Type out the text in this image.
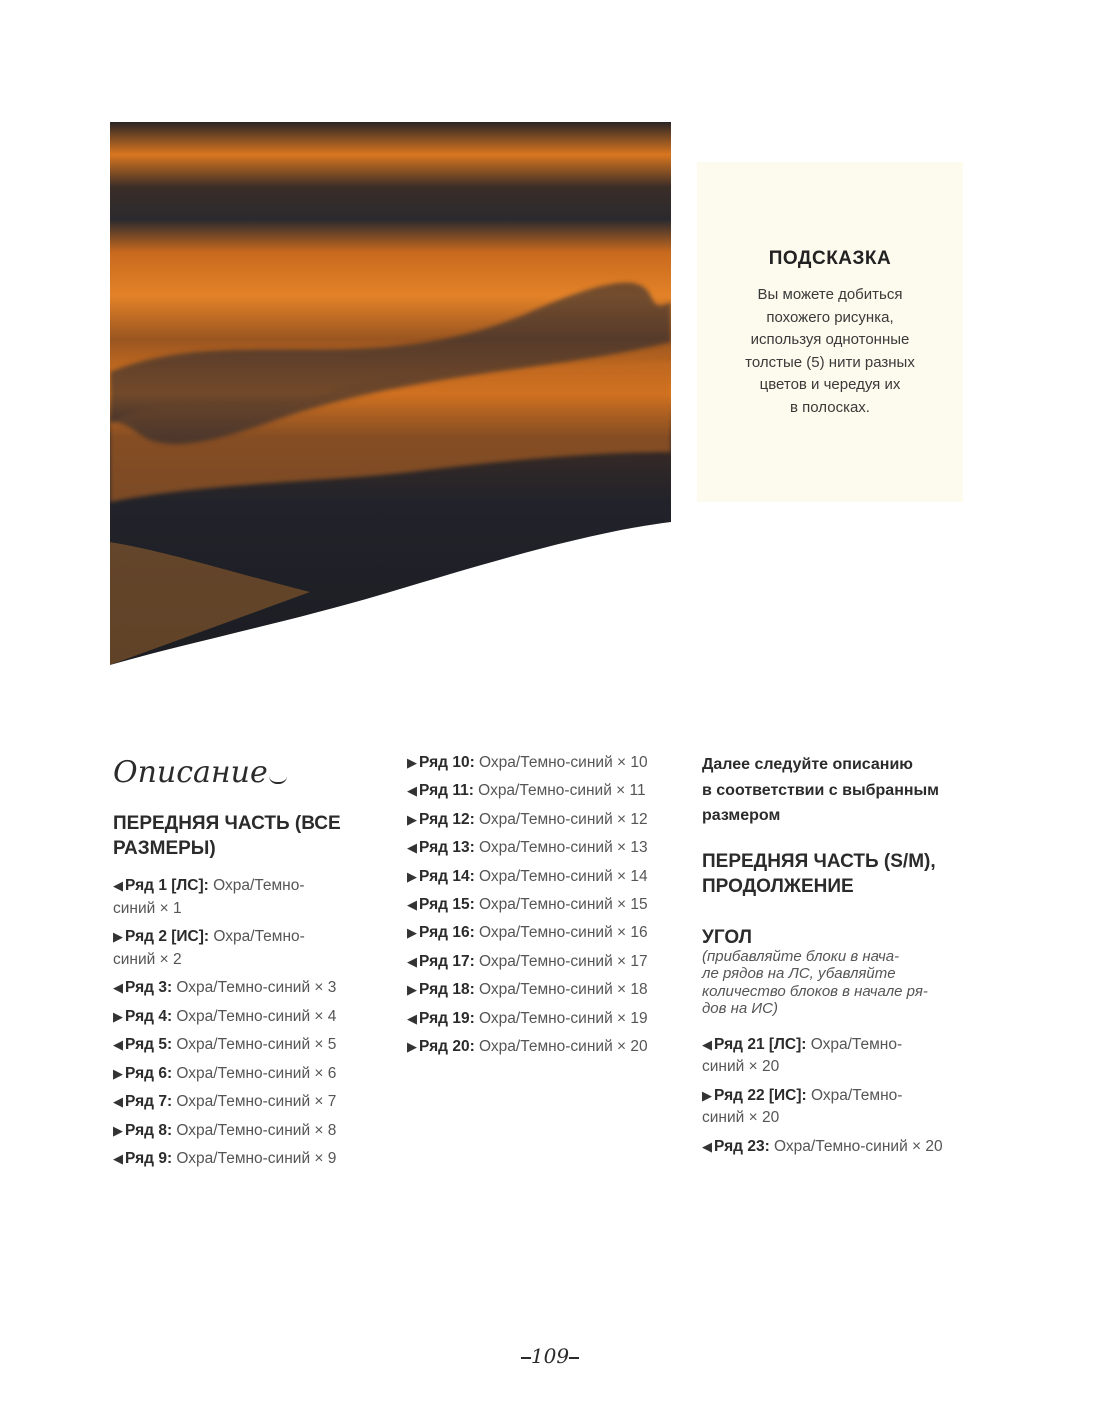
ПОДСКАЗКА
Вы можете добиться
похожего рисунка,
используя однотонные
толстые (5) нити разных
цветов и чередуя их
в полосках.
Описание
ПЕРЕДНЯЯ ЧАСТЬ (ВСЕ
РАЗМЕРЫ)
◀ Ряд 1 [ЛС]: Охра/Темно-
синий × 1
▶ Ряд 2 [ИС]: Охра/Темно-
синий × 2
◀ Ряд 3: Охра/Темно-синий × 3
▶ Ряд 4: Охра/Темно-синий × 4
◀ Ряд 5: Охра/Темно-синий × 5
▶ Ряд 6: Охра/Темно-синий × 6
◀ Ряд 7: Охра/Темно-синий × 7
▶ Ряд 8: Охра/Темно-синий × 8
◀ Ряд 9: Охра/Темно-синий × 9
▶ Ряд 10: Охра/Темно-синий × 10
◀ Ряд 11: Охра/Темно-синий × 11
▶ Ряд 12: Охра/Темно-синий × 12
◀ Ряд 13: Охра/Темно-синий × 13
▶ Ряд 14: Охра/Темно-синий × 14
◀ Ряд 15: Охра/Темно-синий × 15
▶ Ряд 16: Охра/Темно-синий × 16
◀ Ряд 17: Охра/Темно-синий × 17
▶ Ряд 18: Охра/Темно-синий × 18
◀ Ряд 19: Охра/Темно-синий × 19
▶ Ряд 20: Охра/Темно-синий × 20
Далее следуйте описанию
в соответствии с выбранным
размером
ПЕРЕДНЯЯ ЧАСТЬ (S/M),
ПРОДОЛЖЕНИЕ
УГОЛ
(прибавляйте блоки в нача-
ле рядов на ЛС, убавляйте
количество блоков в начале ря-
дов на ИС)
◀ Ряд 21 [ЛС]: Охра/Темно-
синий × 20
▶ Ряд 22 [ИС]: Охра/Темно-
синий × 20
◀ Ряд 23: Охра/Темно-синий × 20
109
